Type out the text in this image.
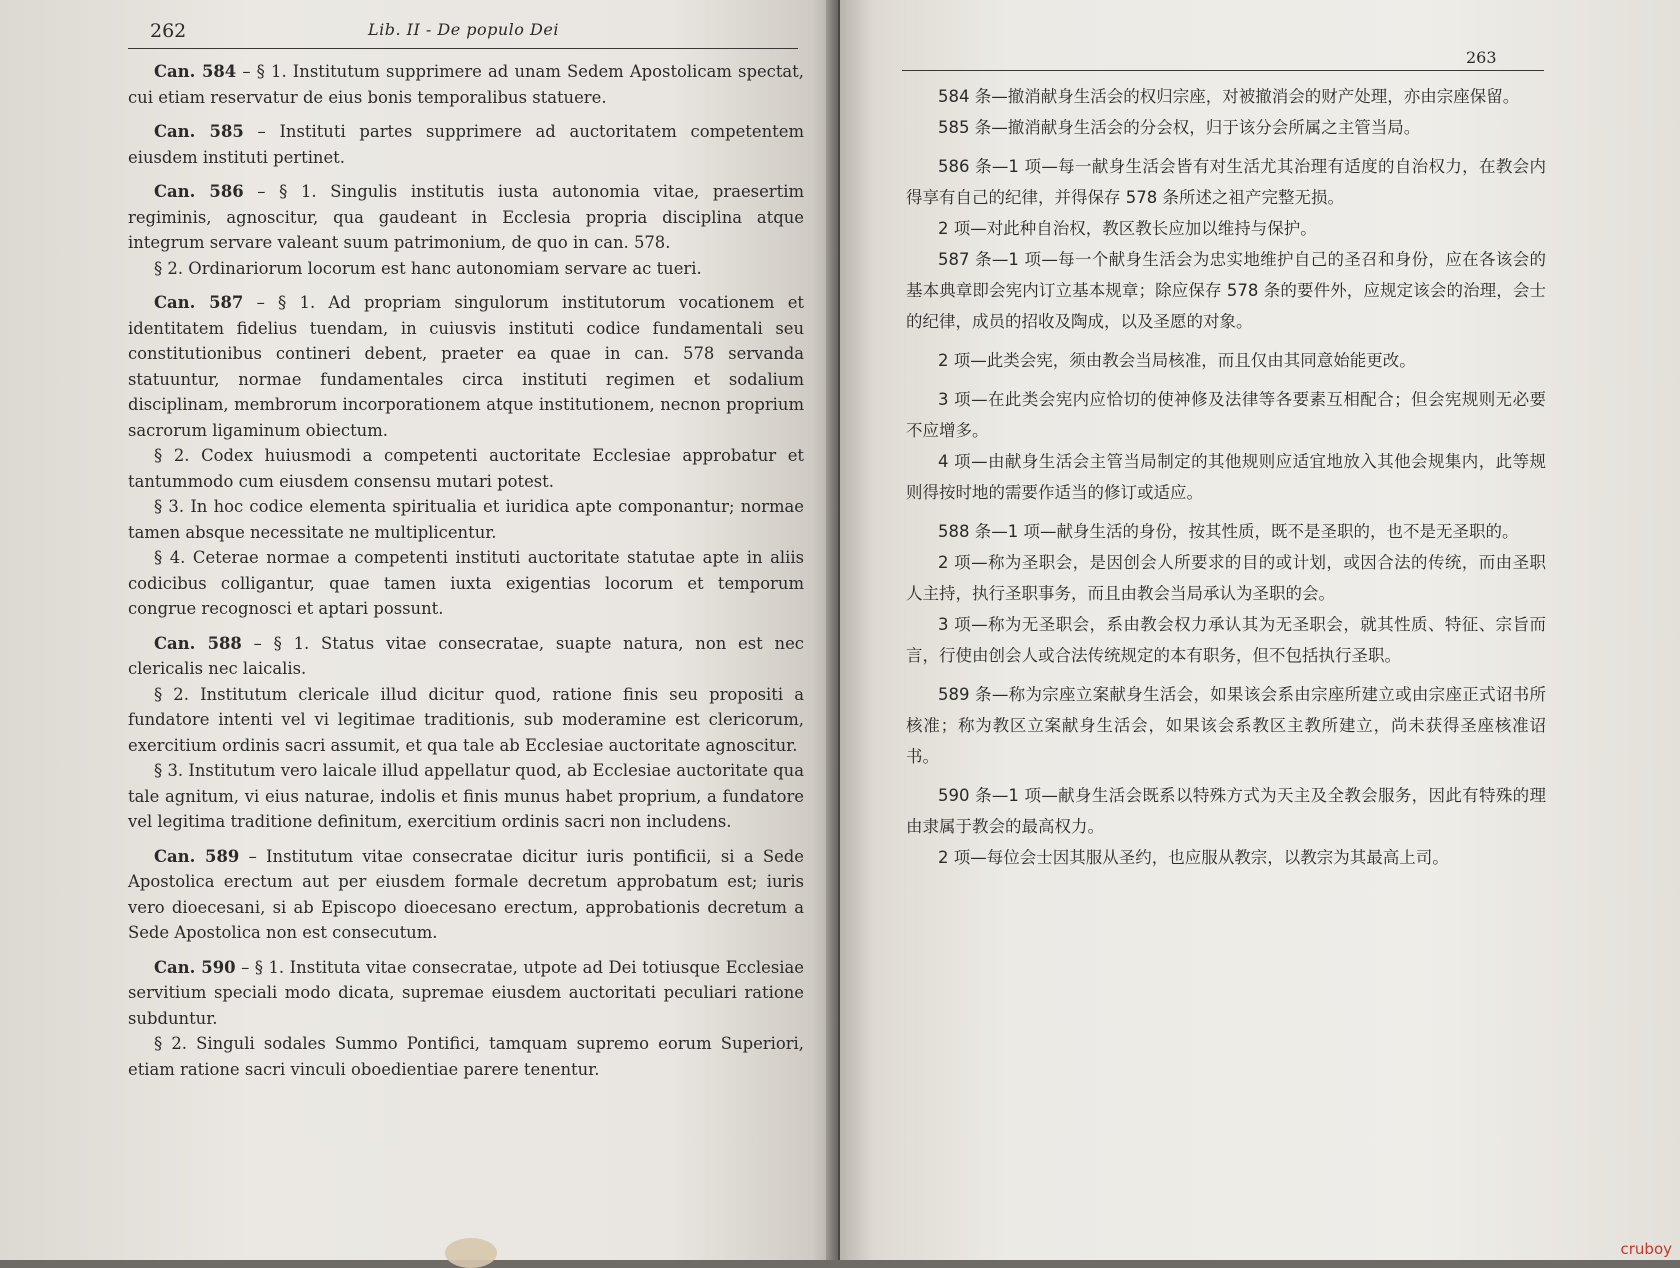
262	Lib. II - De populo Dei

Can. 584 – § 1. Institutum supprimere ad unam Sedem Apostolicam spectat, cui etiam reservatur de eius bonis temporalibus statuere.

Can. 585 – Instituti partes supprimere ad auctoritatem competentem eiusdem instituti pertinet.

Can. 586 – § 1. Singulis institutis iusta autonomia vitae, praesertim regiminis, agnoscitur, qua gaudeant in Ecclesia propria disciplina atque integrum servare valeant suum patrimonium, de quo in can. 578.

§ 2. Ordinariorum locorum est hanc autonomiam servare ac tueri.

Can. 587 – § 1. Ad propriam singulorum institutorum vocationem et identitatem fidelius tuendam, in cuiusvis instituti codice fundamentali seu constitutionibus contineri debent, praeter ea quae in can. 578 servanda statuuntur, normae fundamentales circa instituti regimen et sodalium disciplinam, membrorum incorporationem atque institutionem, necnon proprium sacrorum ligaminum obiectum.

§ 2. Codex huiusmodi a competenti auctoritate Ecclesiae approbatur et tantummodo cum eiusdem consensu mutari potest.

§ 3. In hoc codice elementa spiritualia et iuridica apte componantur; normae tamen absque necessitate ne multiplicentur.

§ 4. Ceterae normae a competenti instituti auctoritate statutae apte in aliis codicibus colligantur, quae tamen iuxta exigentias locorum et temporum congrue recognosci et aptari possunt.

Can. 588 – § 1. Status vitae consecratae, suapte natura, non est nec clericalis nec laicalis.

§ 2. Institutum clericale illud dicitur quod, ratione finis seu propositi a fundatore intenti vel vi legitimae traditionis, sub moderamine est clericorum, exercitium ordinis sacri assumit, et qua tale ab Ecclesiae auctoritate agnoscitur.

§ 3. Institutum vero laicale illud appellatur quod, ab Ecclesiae auctoritate qua tale agnitum, vi eius naturae, indolis et finis munus habet proprium, a fundatore vel legitima traditione definitum, exercitium ordinis sacri non includens.

Can. 589 – Institutum vitae consecratae dicitur iuris pontificii, si a Sede Apostolica erectum aut per eiusdem formale decretum approbatum est; iuris vero dioecesani, si ab Episcopo dioecesano erectum, approbationis decretum a Sede Apostolica non est consecutum.

Can. 590 – § 1. Instituta vitae consecratae, utpote ad Dei totiusque Ecclesiae servitium speciali modo dicata, supremae eiusdem auctoritati peculiari ratione subduntur.

§ 2. Singuli sodales Summo Pontifici, tamquam supremo eorum Superiori, etiam ratione sacri vinculi oboedientiae parere tenentur.

263

584 条—撤消献身生活会的权归宗座，对被撤消会的财产处理，亦由宗座保留。

585 条—撤消献身生活会的分会权，归于该分会所属之主管当局。

586 条—1 项—每一献身生活会皆有对生活尤其治理有适度的自治权力，在教会内得享有自己的纪律，并得保存 578 条所述之祖产完整无损。

2 项—对此种自治权，教区教长应加以维持与保护。

587 条—1 项—每一个献身生活会为忠实地维护自己的圣召和身份，应在各该会的基本典章即会宪内订立基本规章；除应保存 578 条的要件外，应规定该会的治理，会士的纪律，成员的招收及陶成，以及圣愿的对象。

2 项—此类会宪，须由教会当局核准，而且仅由其同意始能更改。

3 项—在此类会宪内应恰切的使神修及法律等各要素互相配合；但会宪规则无必要不应增多。

4 项—由献身生活会主管当局制定的其他规则应适宜地放入其他会规集内，此等规则得按时地的需要作适当的修订或适应。

588 条—1 项—献身生活的身份，按其性质，既不是圣职的，也不是无圣职的。

2 项—称为圣职会，是因创会人所要求的目的或计划，或因合法的传统，而由圣职人主持，执行圣职事务，而且由教会当局承认为圣职的会。

3 项—称为无圣职会，系由教会权力承认其为无圣职会，就其性质、特征、宗旨而言，行使由创会人或合法传统规定的本有职务，但不包括执行圣职。

589 条—称为宗座立案献身生活会，如果该会系由宗座所建立或由宗座正式诏书所核准；称为教区立案献身生活会，如果该会系教区主教所建立，尚未获得圣座核准诏书。

590 条—1 项—献身生活会既系以特殊方式为天主及全教会服务，因此有特殊的理由隶属于教会的最高权力。

2 项—每位会士因其服从圣约，也应服从教宗，以教宗为其最高上司。

cruboy
